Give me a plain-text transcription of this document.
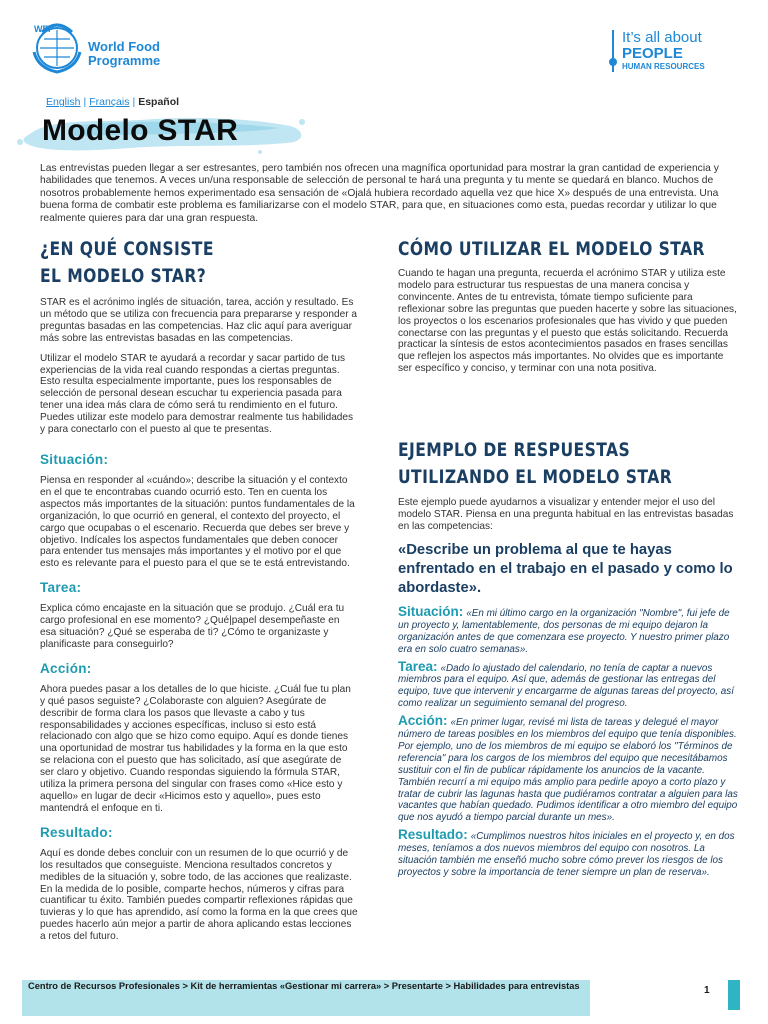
WFP
World Food
Programme
It’s all about
PEOPLE
HUMAN RESOURCES
English | Français | Español
Modelo STAR

Las entrevistas pueden llegar a ser estresantes, pero también nos ofrecen una magnífica oportunidad para mostrar la gran cantidad de experiencia y habilidades que tenemos. A veces un/una responsable de selección de personal te hará una pregunta y tu mente se quedará en blanco. Muchos de nosotros probablemente hemos experimentado esa sensación de «Ojalá hubiera recordado aquella vez que hice X» después de una entrevista. Una buena forma de combatir este problema es familiarizarse con el modelo STAR, para que, en situaciones como esta, puedas recordar y utilizar lo que realmente quieres para dar una gran respuesta.

¿EN QUÉ CONSISTE
EL MODELO STAR?

STAR es el acrónimo inglés de situación, tarea, acción y resultado. Es un método que se utiliza con frecuencia para prepararse y responder a preguntas basadas en las competencias. Haz clic aquí para averiguar más sobre las entrevistas basadas en las competencias.

Utilizar el modelo STAR te ayudará a recordar y sacar partido de tus experiencias de la vida real cuando respondas a ciertas preguntas. Esto resulta especialmente importante, pues los responsables de selección de personal desean escuchar tu experiencia pasada para tener una idea más clara de cómo será tu rendimiento en el futuro. Puedes utilizar este modelo para demostrar realmente tus habilidades y para conectarlo con el puesto al que te presentas.

Situación:

Piensa en responder al «cuándo»; describe la situación y el contexto en el que te encontrabas cuando ocurrió esto. Ten en cuenta los aspectos más importantes de la situación: puntos fundamentales de la organización, lo que ocurrió en general, el contexto del proyecto, el cargo que ocupabas o el escenario. Recuerda que debes ser breve y objetivo. Indícales los aspectos fundamentales que deben conocer para entender tus mensajes más importantes y el motivo por el que esto es relevante para el puesto para el que se te está entrevistando.

Tarea:

Explica cómo encajaste en la situación que se produjo. ¿Cuál era tu cargo profesional en ese momento? ¿Qué|papel desempeñaste en esa situación? ¿Qué se esperaba de ti? ¿Cómo te organizaste y planificaste para conseguirlo?

Acción:

Ahora puedes pasar a los detalles de lo que hiciste. ¿Cuál fue tu plan y qué pasos seguiste? ¿Colaboraste con alguien? Asegúrate de describir de forma clara los pasos que llevaste a cabo y tus responsabilidades y acciones específicas, incluso si esto está relacionado con algo que se hizo como equipo. Aquí es donde tienes una oportunidad de mostrar tus habilidades y la forma en la que esto se relaciona con el puesto que has solicitado, así que asegúrate de ser claro y objetivo. Cuando respondas siguiendo la fórmula STAR, utiliza la primera persona del singular con frases como «Hice esto y aquello» en lugar de decir «Hicimos esto y aquello», pues esto mantendrá el enfoque en ti.

Resultado:

Aquí es donde debes concluir con un resumen de lo que ocurrió y de los resultados que conseguiste. Menciona resultados concretos y medibles de la situación y, sobre todo, de las acciones que realizaste. En la medida de lo posible, comparte hechos, números y cifras para cuantificar tu éxito. También puedes compartir reflexiones rápidas que tuvieras y lo que has aprendido, así como la forma en la que crees que puedes hacerlo aún mejor a partir de ahora aplicando estas lecciones a retos del futuro.

CÓMO UTILIZAR EL MODELO STAR

Cuando te hagan una pregunta, recuerda el acrónimo STAR y utiliza este modelo para estructurar tus respuestas de una manera concisa y convincente. Antes de tu entrevista, tómate tiempo suficiente para reflexionar sobre las preguntas que pueden hacerte y sobre las situaciones, los proyectos o los escenarios profesionales que has vivido y que pueden conectarse con las preguntas y el puesto que estás solicitando. Recuerda practicar la síntesis de estos acontecimientos pasados en frases sencillas que reflejen los aspectos más importantes. No olvides que es importante ser específico y conciso, y terminar con una nota positiva.

EJEMPLO DE RESPUESTAS
UTILIZANDO EL MODELO STAR

Este ejemplo puede ayudarnos a visualizar y entender mejor el uso del modelo STAR. Piensa en una pregunta habitual en las entrevistas basadas en las competencias:

«Describe un problema al que te hayas enfrentado en el trabajo en el pasado y como lo abordaste».

Situación: «En mi último cargo en la organización "Nombre", fui jefe de un proyecto y, lamentablemente, dos personas de mi equipo dejaron la organización antes de que comenzara ese proyecto. Y nuestro primer plazo era en solo cuatro semanas».

Tarea: «Dado lo ajustado del calendario, no tenía de captar a nuevos miembros para el equipo. Así que, además de gestionar las entregas del equipo, tuve que intervenir y encargarme de algunas tareas del proyecto, así como realizar un seguimiento semanal del progreso.

Acción: «En primer lugar, revisé mi lista de tareas y delegué el mayor número de tareas posibles en los miembros del equipo que tenía disponibles. Por ejemplo, uno de los miembros de mi equipo se elaboró los "Términos de referencia" para los cargos de los miembros del equipo que necesitábamos sustituir con el fin de publicar rápidamente los anuncios de la vacante. También recurrí a mi equipo más amplio para pedirle apoyo a corto plazo y tratar de cubrir las lagunas hasta que pudiéramos contratar a alguien para las vacantes que habían quedado. Pudimos identificar a otro miembro del equipo que nos ayudó a tiempo parcial durante un mes».

Resultado: «Cumplimos nuestros hitos iniciales en el proyecto y, en dos meses, teníamos a dos nuevos miembros del equipo con nosotros. La situación también me enseñó mucho sobre cómo prever los riesgos de los proyectos y sobre la importancia de tener siempre un plan de reserva».

Centro de Recursos Profesionales > Kit de herramientas «Gestionar mi carrera» > Presentarte > Habilidades para entrevistas	1
